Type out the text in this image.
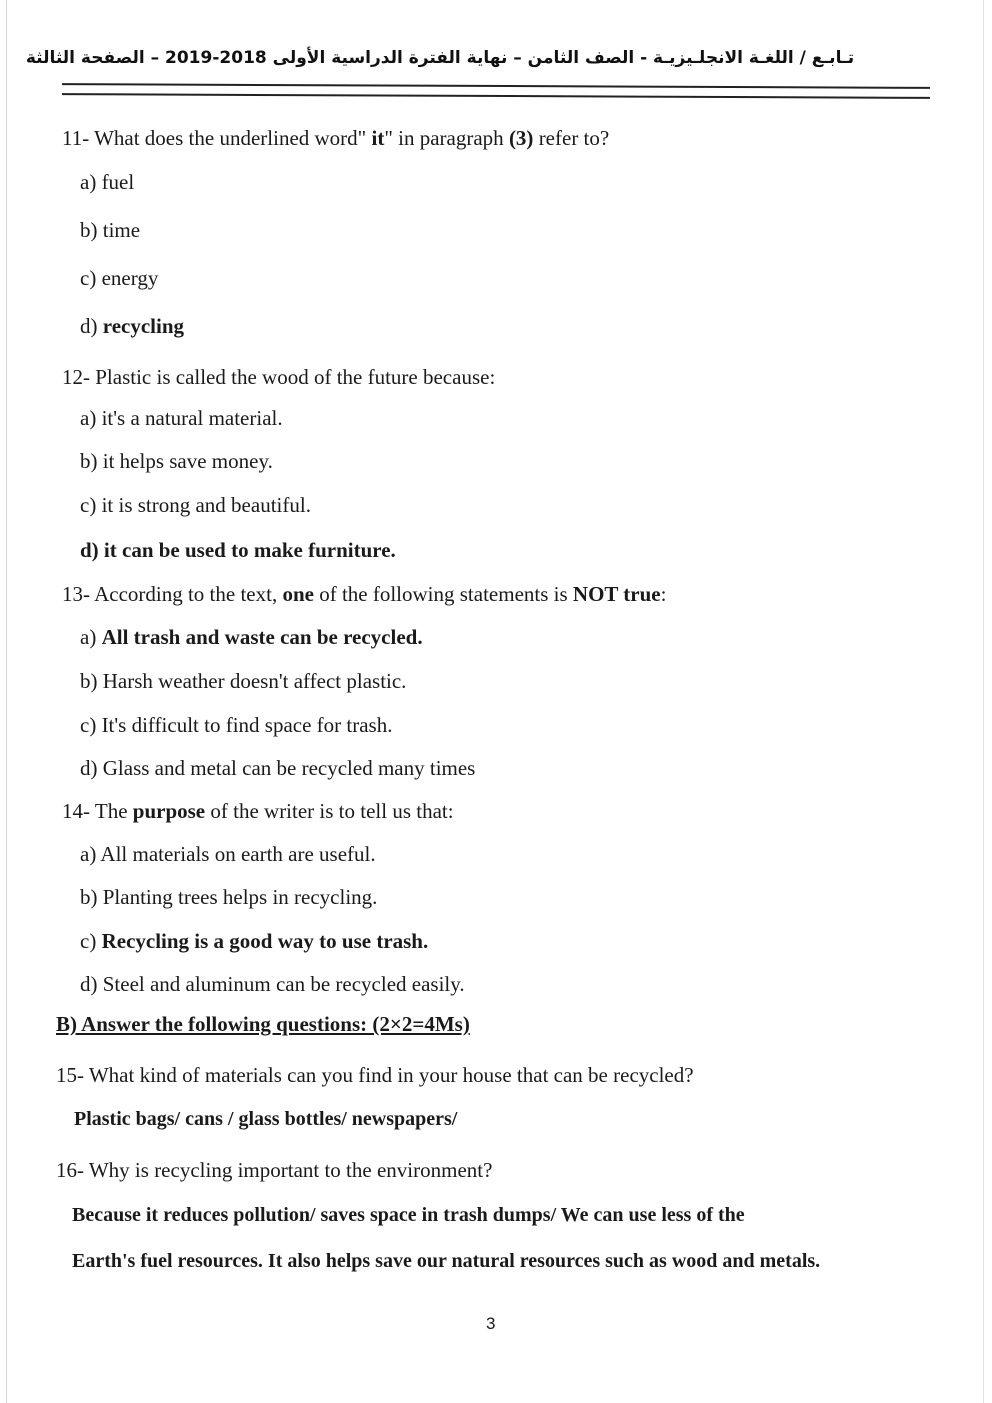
تـابـع / اللغـة الانجلـيزيـة - الصف الثامن – نهاية الفترة الدراسية الأولى 2018-2019 – الصفحة الثالثة
11- What does the underlined word" it" in paragraph (3) refer to?
a) fuel
b) time
c) energy
d) recycling
12- Plastic is called the wood of the future because:
a) it's a natural material.
b) it helps save money.
c) it is strong and beautiful.
d) it can be used to make furniture.
13- According to the text, one of the following statements is NOT true:
a) All trash and waste can be recycled.
b) Harsh weather doesn't affect plastic.
c) It's difficult to find space for trash.
d) Glass and metal can be recycled many times
14- The purpose of the writer is to tell us that:
a) All materials on earth are useful.
b) Planting trees helps in recycling.
c) Recycling is a good way to use trash.
d) Steel and aluminum can be recycled easily.
B) Answer the following questions: (2×2=4Ms)
15- What kind of materials can you find in your house that can be recycled?
Plastic bags/ cans / glass bottles/ newspapers/
16- Why is recycling important to the environment?
Because it reduces pollution/ saves space in trash dumps/ We can use less of the
Earth's fuel resources. It also helps save our natural resources such as wood and metals.
3
